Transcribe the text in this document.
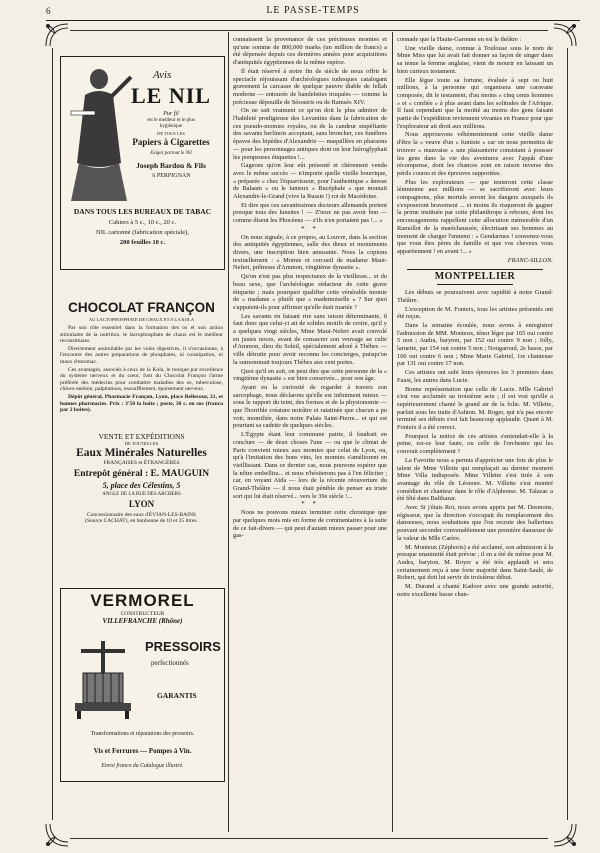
6	LE PASSE-TEMPS
Avis
LE NIL
Pur fil
est le meilleur et le plus
hygiénique
DE TOUS LES
Papiers à Cigarettes
Exigez partout le Nil
Joseph Bardou & Fils
A PERPIGNAN
DANS TOUS LES BUREAUX DE TABAC
Cahiers à 5 c., 10 c., 20 c.
NIL cartonné (fabrication spéciale),
200 feuilles 10 c.
CHOCOLAT FRANÇON
AU LACTOPHOSPHATE DE CHAUX ET A LA KOLA

Par son rôle essentiel dans la formation des os et son action stimulante de la nutrition, le lactophosphate de chaux est le meilleur reconstituant.

Directement assimilable par les voies digestives, il n'occasionne, à l'encontre des autres préparations de phosphates, ni constipation, ni maux d'estomac.

Ces avantages, associés à ceux de la Kola, le tonique par excellence du système nerveux et du cœur, font du Chocolat Françon l'arme préférée des médecins pour combattre maladies des os, tuberculose, chloro-anémie, palpitations, essoufflement, épuisement nerveux.

Dépôt général, Pharmacie Françon, Lyon, place Bellecour, 21, et bonnes pharmacies. Prix : 3'50 la boîte ; poste, 30 c. en sus (franco par 2 boîtes).

VENTE ET EXPÉDITIONS
DE TOUTES LES
Eaux Minérales Naturelles
FRANÇAISES et ÉTRANGÈRES
Entrepôt général : E. MAUGUIN
5, place des Célestins, 5
ANGLE DE LA RUE DES ARCHERS
LYON
Concessionnaire des eaux d'ÉVIAN-LES-BAINS
(Source CACHAT), en bonbonne de 10 et 25 litres.
VERMOREL
CONSTRUCTEUR
VILLEFRANCHE (Rhône)
PRESSOIRS
perfectionnés
GARANTIS
Transformations et réparations des pressoirs.
Vis et Ferrures — Pompes à Vin.
Envoi franco du Catalogue illustré.

connaissent la provenance de ces précieuses momies et qu'une somme de 800,000 marks (un million de francs) a été dépensée depuis ces dernières années pour acquisitions d'antiquités égyptiennes de la même espèce.

Il était réservé à notre fin de siècle de nous offrir le spectacle réjouissant d'archéologues tudesques catalogant gravement la carcasse de quelque pauvre diable de fellah moderne — entourée de bandelettes truquées — comme la précieuse dépouille de Sésostris ou de Ramsès XIV.

On ne sait vraiment ce qu'on doit le plus admirer de l'habileté prodigieuse des Levantins dans la fabrication de ces pseudo-momies royales, ou de la candeur stupéfiante des savants berlinois acceptant, sans broncher, ces funèbres épaves des bipèdes d'Alexandrie — maquillées en pharaons — pour les personnages antiques dont on leur hiéroglyphait les pompeuses étiquettes !...

Gageons qu'on leur eût présenté et chèrement vendu avec le même succès — n'importe quelle vieille bourrique, « préparée » chez l'équarrisseur, pour l'authentique « ânesse de Balaam » ou le fameux « Bucéphale » que montait Alexandre-le-Grand (vive la Russie !) roi de Macédoine.

Et dire que ces savantissimes docteurs allemands portent presque tous des lunettes ! — Z'ieux ne pas avoir bon — comme disent les Phocéens — z'ils n'en portaient pas !... »

* *

On nous signale, à ce propos, au Louvre, dans la section des antiquités égyptiennes, salle des dieux et monuments divers, une inscription bien amusante. Nous la copions textuellement : « Momie et cercueil de madame Maut-Nefert, prêtresse d'Ammon, vingtième dynastie ».

Qu'on n'est pas plus respectueux de la vieillesse... et du beau sexe, que l'archéologue rédacteur de cette grave étiquette ; mais pourquoi qualifier cette vénérable momie de « madame » plutôt que « mademoiselle » ? Sur quoi s'appuient-ils pour affirmer qu'elle était mariée ?

Les savants en faisant rire sans raison déterminante, il faut donc que celui-ci ait de solides motifs de croire, qu'il y a quelques vingt siècles, Mme Maut-Nefert avait convolé en justes noces, avant de consacrer son veuvage au culte d'Ammon, dieu du Soleil, spécialement adoré à Thèbes — ville détruite pour avoir reconnu les concierges, puisqu'on la surnommait toujours Thèbes aux cent portes.

Quoi qu'il en soit, on peut dire que cette personne de la « vingtième dynastie » est bien conservée... pour son âge.

Ayant eu la curiosité de regarder à travers son sarcophage, nous déclarons qu'elle est infiniment mieux — sous le rapport du teint, des formes et de la physionomie — que l'horrible créature noirâtre et ratatinée que chacun a pu voir, momifiée, dans notre Palais Saint-Pierre... et qui est pourtant sa cadette de quelques siècles.

L'Égypte étant leur commune patrie, il faudrait en conclure — de deux choses l'une — ou que le climat de Paris convient mieux aux momies que celui de Lyon, ou, qu'à l'imitation des bons vins, les momies s'améliorent en vieillissant. Dans ce dernier cas, nous pouvons espérer que la nôtre embellira... et nous n'hésiterons pas à l'en féliciter ; car, en voyant Aïda — lors de la récente réouverture du Grand-Théâtre — il nous était pénible de penser au triste sort qui lui était réservé... vers le 39e siècle !...

* *

Nous ne pouvons mieux terminer cette chronique que par quelques mots mis en forme de commentaires à la suite de ce fait-divers — qui peut d'autant mieux passer pour une gas-

connade que la Haute-Garonne en est le théâtre :

Une vieille dame, connue à Toulouse sous le nom de Mme Miss que lui avait fait donner sa façon de singer dans sa tenue la femme anglaise, vient de mourir en laissant un bien curieux testament.

Elle lègue toute sa fortune, évaluée à sept ou huit millions, à la personne qui organisera une caravane composée, dit le testament, d'au moins « cinq cents hommes » et « confiée » à plus avant dans les solitudes de l'Afrique. Il faut cependant que la moitié au moins des gens faisant partie de l'expédition reviennent vivantes en France pour que l'explorateur ait droit aux millions.

Nous approuvons véhémentement cette vieille dame d'être la « veuve d'un « fumiste » car on nous permettra de trouver « mauvaise » une plaisanterie consistant à pousser les gens dans la vie des aventures avec l'appât d'une récompense, dont les chances sont en raison inverse des périls courus et des épreuves supportées.

Plus les explorateurs — que tenteront cette classe léninienne aux millions — se sacrifieront avec leurs compagnons, plus mortels seront les dangers auxquels ils s'exposeront bravement ... et moins ils risqueront de gagner la prime instituée par cette philanthrope à rebours, dont les encouragements rappellent cette allocution mémorable d'un Ramollot de la maréchaussée, électrisant ses hommes au moment de charger l'ennemi : « Gendarmes ! souvenez-vous que vous êtes pères de famille et que vos cheveux vous appartiennent ! en avant !... »

FRANC-SILLON.
MONTPELLIER

Les débuts se poursuivent avec rapidité à notre Grand-Théâtre.

L'exception de M. Fonteix, tous les artistes présentés ont été reçus.

Dans la semaine écoulée, nous avons à enregistrer l'admission de MM. Monteux, ténor léger par 165 oui contre 5 non ; Audra, baryton, par 152 oui contre 9 non ; Jolly, laruette, par 154 oui contre 5 non ; Nougaroud, 2e basse, par 160 oui contre 6 non ; Mme Marie Gabriel, 1re chanteuse par 131 oui contre 17 non.

Ces artistes ont subi leurs épreuves les 3 premiers dans Faust, les autres dans Lucie.

Bonne représentation que celle de Lucie. Mlle Gabriel s'est vue acclamée au troisième acte ; il est vrai qu'elle a supérieurement chanté le grand air de la folie. M. Villette, parfait sous les traits d'Ashton. M. Roger, qui n'a pas encore terminé ses débuts s'est fait beaucoup applaudir. Quant à M. Fonteix il a été correct.

Pourquoi la notice de ces artistes s'entendait-elle à la peine, est-ce leur faute, ou celle de l'orchestre qui les couvrait complètement ?

La Favorite nous a permis d'apprécier une fois de plus le talent de Mme Villette qui remplaçait au dernier moment Mme Villa indisposée. Mme Villette s'est tirée à son avantage du rôle de Léonore. M. Villette s'est montré comédien et chanteur dans le rôle d'Alphonse. M. Talazac a été fêté dans Balthazar.

Avec Si j'étais Roi, nous avons appris par M. Desmons, régisseur, que la direction s'occupait du remplacement des danseuses, nous souhaitons que l'on recrute des ballerines pouvant seconder convenablement une première danseuse de la valeur de Mlle Carère.

M. Monteux (Zéphoris) a été acclamé, son admission à la presque unanimité était prévue ; il en a été de même pour M. Audra, baryton. M. Royer a été très applaudi et sera certainement reçu à une forte majorité dans Saint-Saulé, de Robert, qui doit lui servir de troisième début.

M. Durand a chanté Kadoor avec une grande autorité, notre excellente basse chan-
